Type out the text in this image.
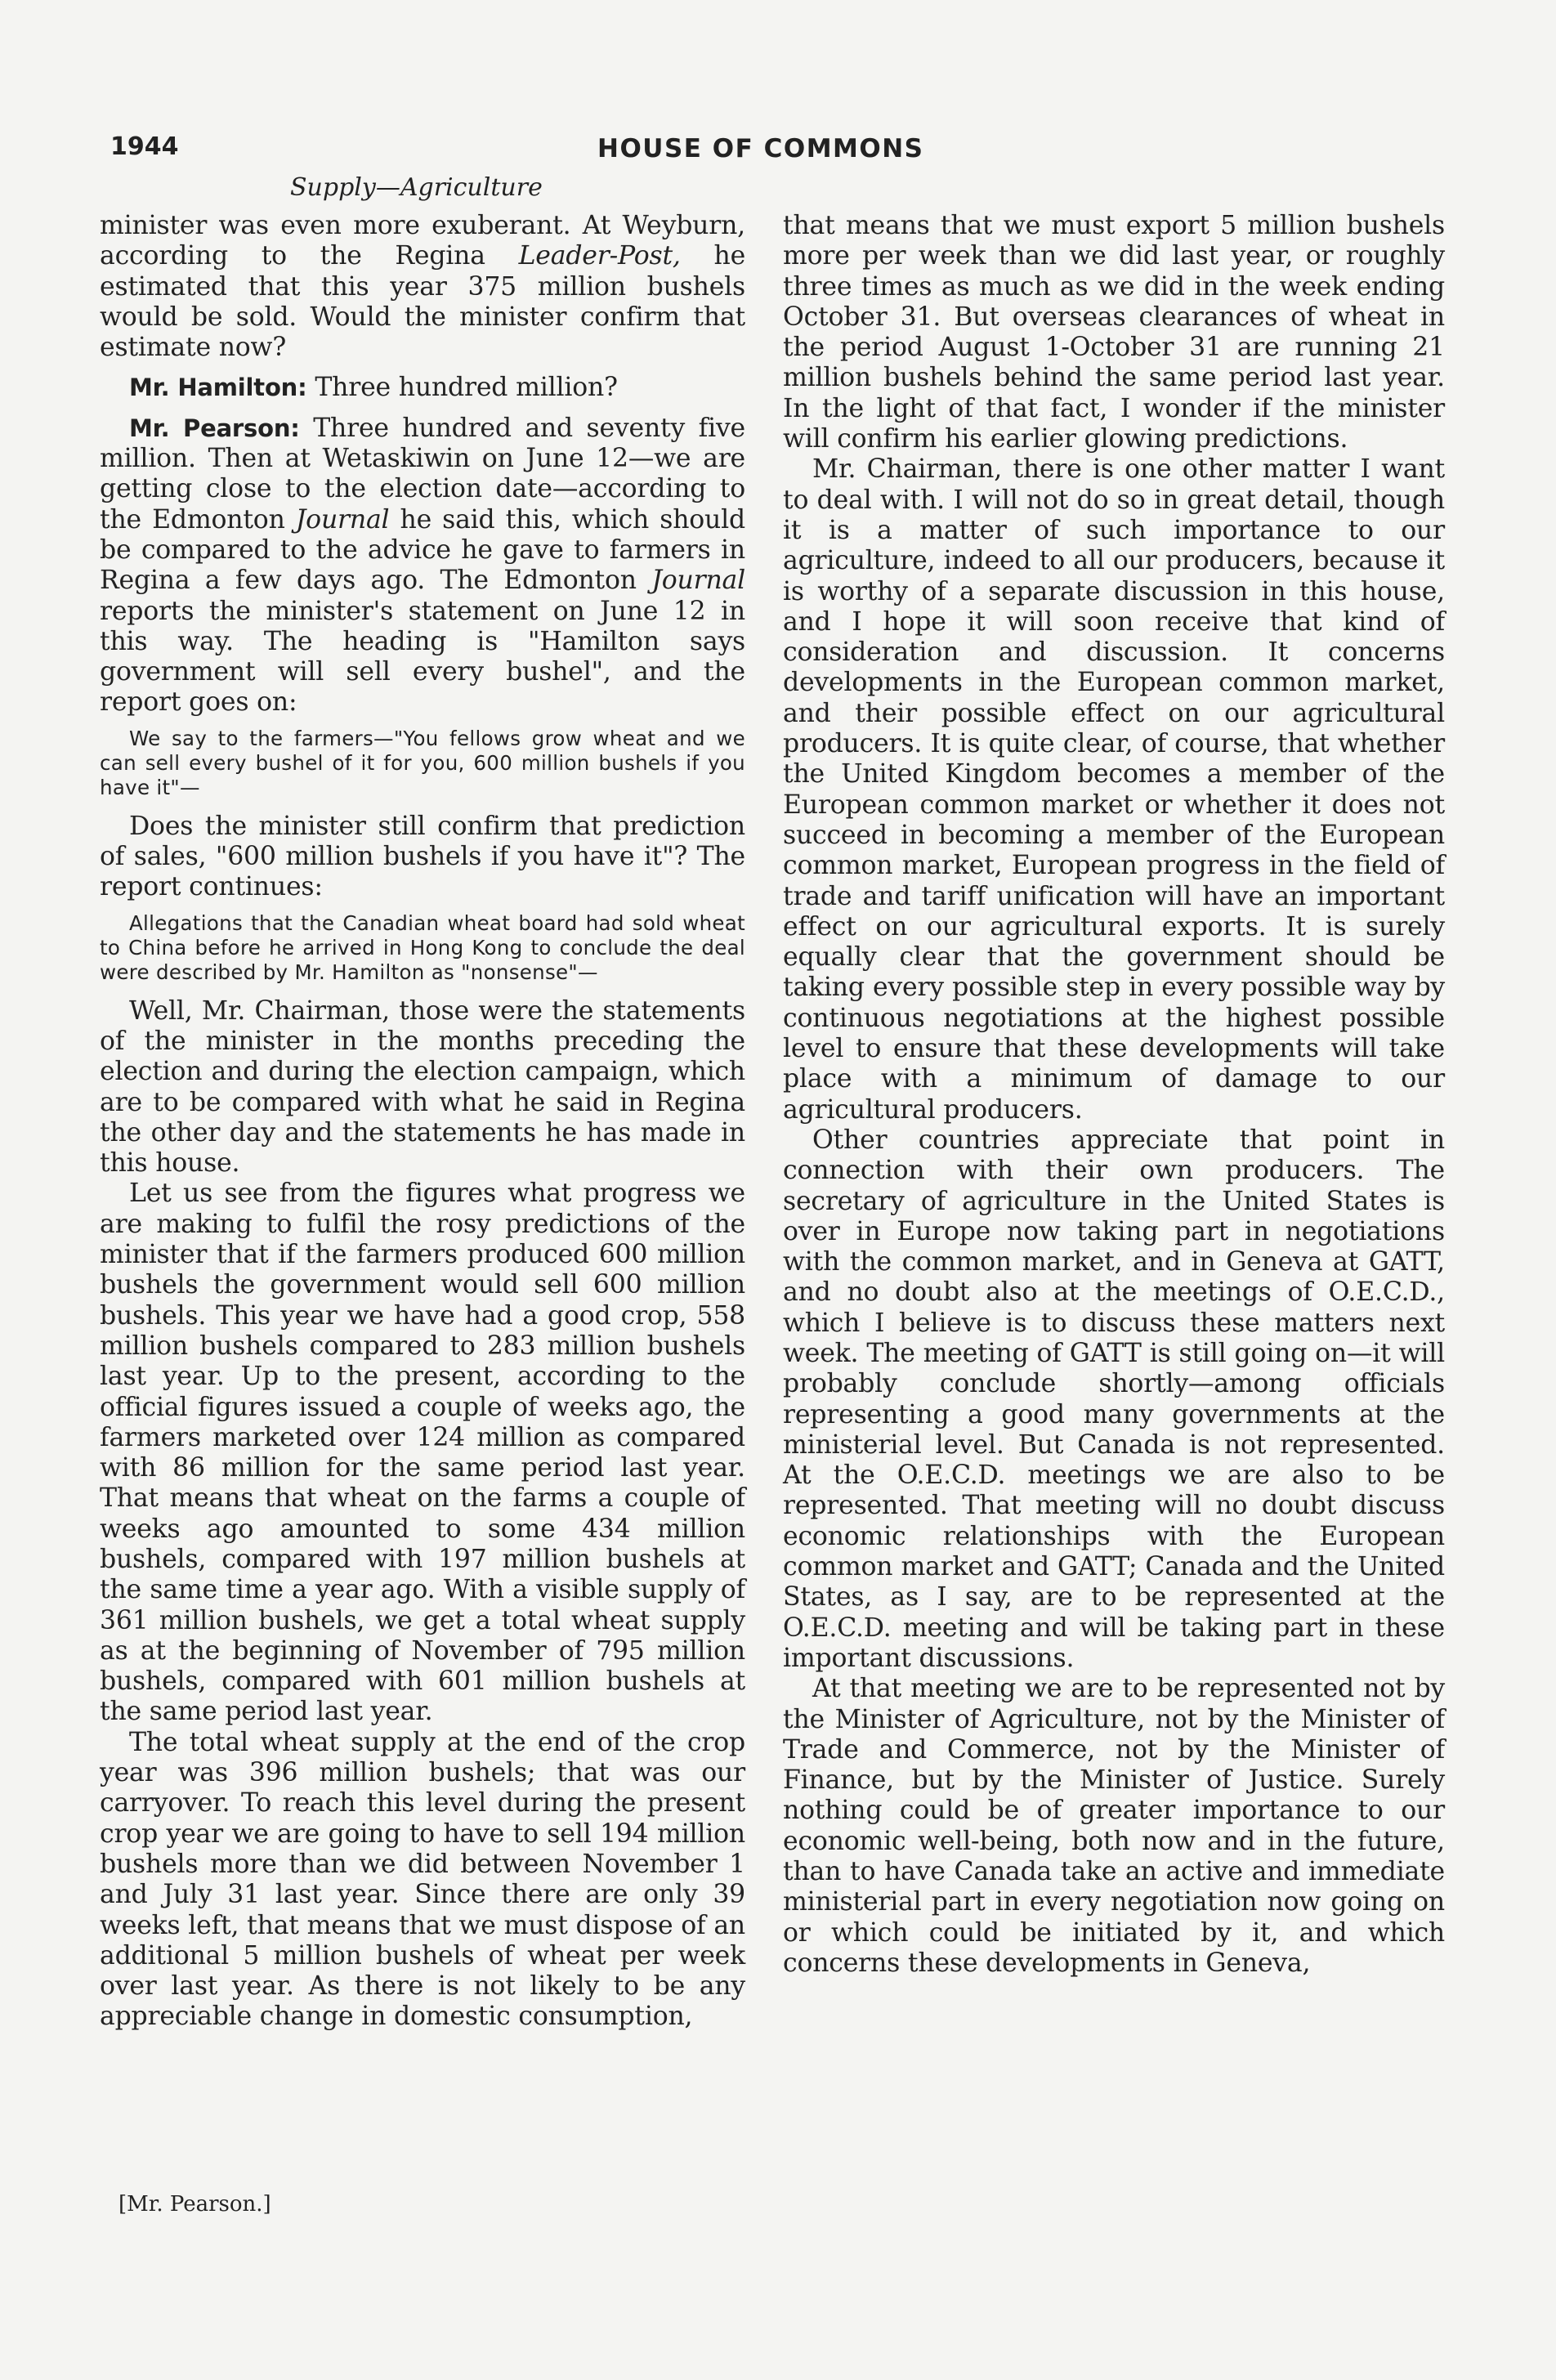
1944	HOUSE OF COMMONS
Supply—Agriculture

minister was even more exuberant. At Weyburn, according to the Regina Leader-Post, he estimated that this year 375 million bushels would be sold. Would the minister confirm that estimate now?

Mr. Hamilton: Three hundred million?

Mr. Pearson: Three hundred and seventy five million. Then at Wetaskiwin on June 12—we are getting close to the election date—according to the Edmonton Journal he said this, which should be compared to the advice he gave to farmers in Regina a few days ago. The Edmonton Journal reports the minister's statement on June 12 in this way. The heading is "Hamilton says government will sell every bushel", and the report goes on:

We say to the farmers—"You fellows grow wheat and we can sell every bushel of it for you, 600 million bushels if you have it"—

Does the minister still confirm that prediction of sales, "600 million bushels if you have it"? The report continues:

Allegations that the Canadian wheat board had sold wheat to China before he arrived in Hong Kong to conclude the deal were described by Mr. Hamilton as "nonsense"—

Well, Mr. Chairman, those were the statements of the minister in the months preceding the election and during the election campaign, which are to be compared with what he said in Regina the other day and the statements he has made in this house.

Let us see from the figures what progress we are making to fulfil the rosy predictions of the minister that if the farmers produced 600 million bushels the government would sell 600 million bushels. This year we have had a good crop, 558 million bushels compared to 283 million bushels last year. Up to the present, according to the official figures issued a couple of weeks ago, the farmers marketed over 124 million as compared with 86 million for the same period last year. That means that wheat on the farms a couple of weeks ago amounted to some 434 million bushels, compared with 197 million bushels at the same time a year ago. With a visible supply of 361 million bushels, we get a total wheat supply as at the beginning of November of 795 million bushels, compared with 601 million bushels at the same period last year.

The total wheat supply at the end of the crop year was 396 million bushels; that was our carryover. To reach this level during the present crop year we are going to have to sell 194 million bushels more than we did between November 1 and July 31 last year. Since there are only 39 weeks left, that means that we must dispose of an additional 5 million bushels of wheat per week over last year. As there is not likely to be any appreciable change in domestic consumption,

that means that we must export 5 million bushels more per week than we did last year, or roughly three times as much as we did in the week ending October 31. But overseas clearances of wheat in the period August 1-October 31 are running 21 million bushels behind the same period last year. In the light of that fact, I wonder if the minister will confirm his earlier glowing predictions.

Mr. Chairman, there is one other matter I want to deal with. I will not do so in great detail, though it is a matter of such importance to our agriculture, indeed to all our producers, because it is worthy of a separate discussion in this house, and I hope it will soon receive that kind of consideration and discussion. It concerns developments in the European common market, and their possible effect on our agricultural producers. It is quite clear, of course, that whether the United Kingdom becomes a member of the European common market or whether it does not succeed in becoming a member of the European common market, European progress in the field of trade and tariff unification will have an important effect on our agricultural exports. It is surely equally clear that the government should be taking every possible step in every possible way by continuous negotiations at the highest possible level to ensure that these developments will take place with a minimum of damage to our agricultural producers.

Other countries appreciate that point in connection with their own producers. The secretary of agriculture in the United States is over in Europe now taking part in negotiations with the common market, and in Geneva at GATT, and no doubt also at the meetings of O.E.C.D., which I believe is to discuss these matters next week. The meeting of GATT is still going on—it will probably conclude shortly—among officials representing a good many governments at the ministerial level. But Canada is not represented. At the O.E.C.D. meetings we are also to be represented. That meeting will no doubt discuss economic relationships with the European common market and GATT; Canada and the United States, as I say, are to be represented at the O.E.C.D. meeting and will be taking part in these important discussions.

At that meeting we are to be represented not by the Minister of Agriculture, not by the Minister of Trade and Commerce, not by the Minister of Finance, but by the Minister of Justice. Surely nothing could be of greater importance to our economic well-being, both now and in the future, than to have Canada take an active and immediate ministerial part in every negotiation now going on or which could be initiated by it, and which concerns these developments in Geneva,

[Mr. Pearson.]
